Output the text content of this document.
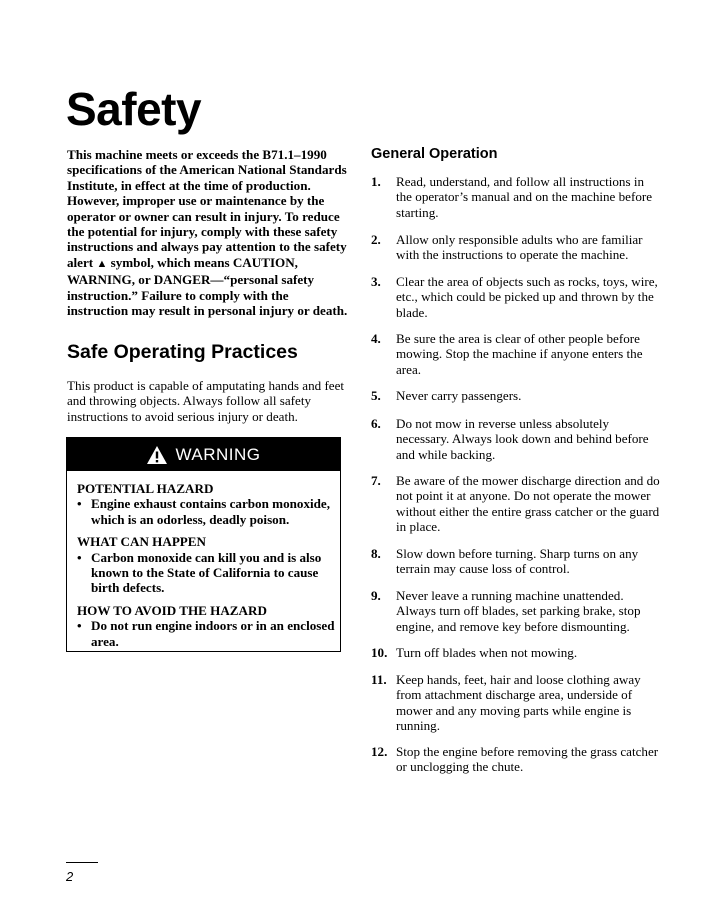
Safety

This machine meets or exceeds the B71.1–1990 specifications of the American National Standards Institute, in effect at the time of production. However, improper use or maintenance by the operator or owner can result in injury. To reduce the potential for injury, comply with these safety instructions and always pay attention to the safety alert ▲ symbol, which means CAUTION, WARNING, or DANGER—“personal safety instruction.” Failure to comply with the instruction may result in personal injury or death.

Safe Operating Practices

This product is capable of amputating hands and feet and throwing objects. Always follow all safety instructions to avoid serious injury or death.

WARNING

POTENTIAL HAZARD

• Engine exhaust contains carbon monoxide, which is an odorless, deadly poison.

WHAT CAN HAPPEN

• Carbon monoxide can kill you and is also known to the State of California to cause birth defects.

HOW TO AVOID THE HAZARD

• Do not run engine indoors or in an enclosed area.

General Operation
1. Read, understand, and follow all instructions in the operator’s manual and on the machine before starting.
2. Allow only responsible adults who are familiar with the instructions to operate the machine.
3. Clear the area of objects such as rocks, toys, wire, etc., which could be picked up and thrown by the blade.
4. Be sure the area is clear of other people before mowing. Stop the machine if anyone enters the area.
5. Never carry passengers.
6. Do not mow in reverse unless absolutely necessary. Always look down and behind before and while backing.
7. Be aware of the mower discharge direction and do not point it at anyone. Do not operate the mower without either the entire grass catcher or the guard in place.
8. Slow down before turning. Sharp turns on any terrain may cause loss of control.
9. Never leave a running machine unattended. Always turn off blades, set parking brake, stop engine, and remove key before dismounting.
10. Turn off blades when not mowing.
11. Keep hands, feet, hair and loose clothing away from attachment discharge area, underside of mower and any moving parts while engine is running.
12. Stop the engine before removing the grass catcher or unclogging the chute.
2
